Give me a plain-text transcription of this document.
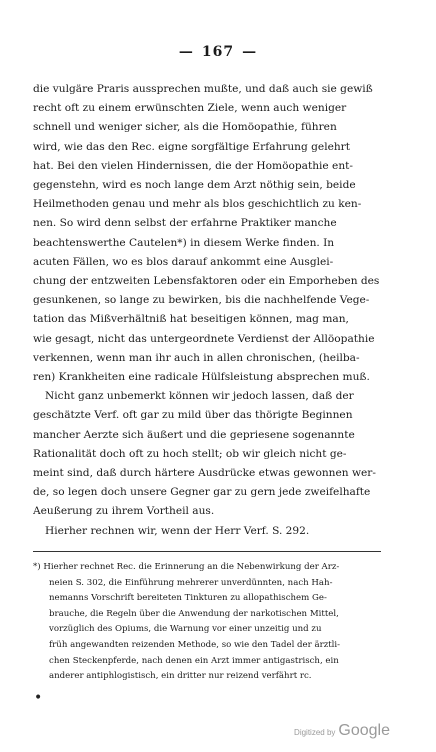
— 167 —
die vulgäre Praris aussprechen mußte, und daß auch sie gewiß
recht oft zu einem erwünschten Ziele, wenn auch weniger
schnell und weniger sicher, als die Homöopathie, führen
wird, wie das den Rec. eigne sorgfältige Erfahrung gelehrt
hat. Bei den vielen Hindernissen, die der Homöopathie ent-
gegenstehn, wird es noch lange dem Arzt nöthig sein, beide
Heilmethoden genau und mehr als blos geschichtlich zu ken-
nen. So wird denn selbst der erfahrne Praktiker manche
beachtenswerthe Cautelen*) in diesem Werke finden. In
acuten Fällen, wo es blos darauf ankommt eine Ausglei-
chung der entzweiten Lebensfaktoren oder ein Emporheben des
gesunkenen, so lange zu bewirken, bis die nachhelfende Vege-
tation das Mißverhältniß hat beseitigen können, mag man,
wie gesagt, nicht das untergeordnete Verdienst der Allöopathie
verkennen, wenn man ihr auch in allen chronischen, (heilba-
ren) Krankheiten eine radicale Hülfsleistung absprechen muß.
Nicht ganz unbemerkt können wir jedoch lassen, daß der
geschätzte Verf. oft gar zu mild über das thörigte Beginnen
mancher Aerzte sich äußert und die gepriesene sogenannte
Rationalität doch oft zu hoch stellt; ob wir gleich nicht ge-
meint sind, daß durch härtere Ausdrücke etwas gewonnen wer-
de, so legen doch unsere Gegner gar zu gern jede zweifelhafte
Aeußerung zu ihrem Vortheil aus.
Hierher rechnen wir, wenn der Herr Verf. S. 292.
*) Hierher rechnet Rec. die Erinnerung an die Nebenwirkung der Arz-
neien S. 302, die Einführung mehrerer unverdünnten, nach Hah-
nemanns Vorschrift bereiteten Tinkturen zu allopathischem Ge-
brauche, die Regeln über die Anwendung der narkotischen Mittel,
vorzüglich des Opiums, die Warnung vor einer unzeitig und zu
früh angewandten reizenden Methode, so wie den Tadel der ärztli-
chen Steckenpferde, nach denen ein Arzt immer antigastrisch, ein
anderer antiphlogistisch, ein dritter nur reizend verfährt rc.
•
Digitized by Google
